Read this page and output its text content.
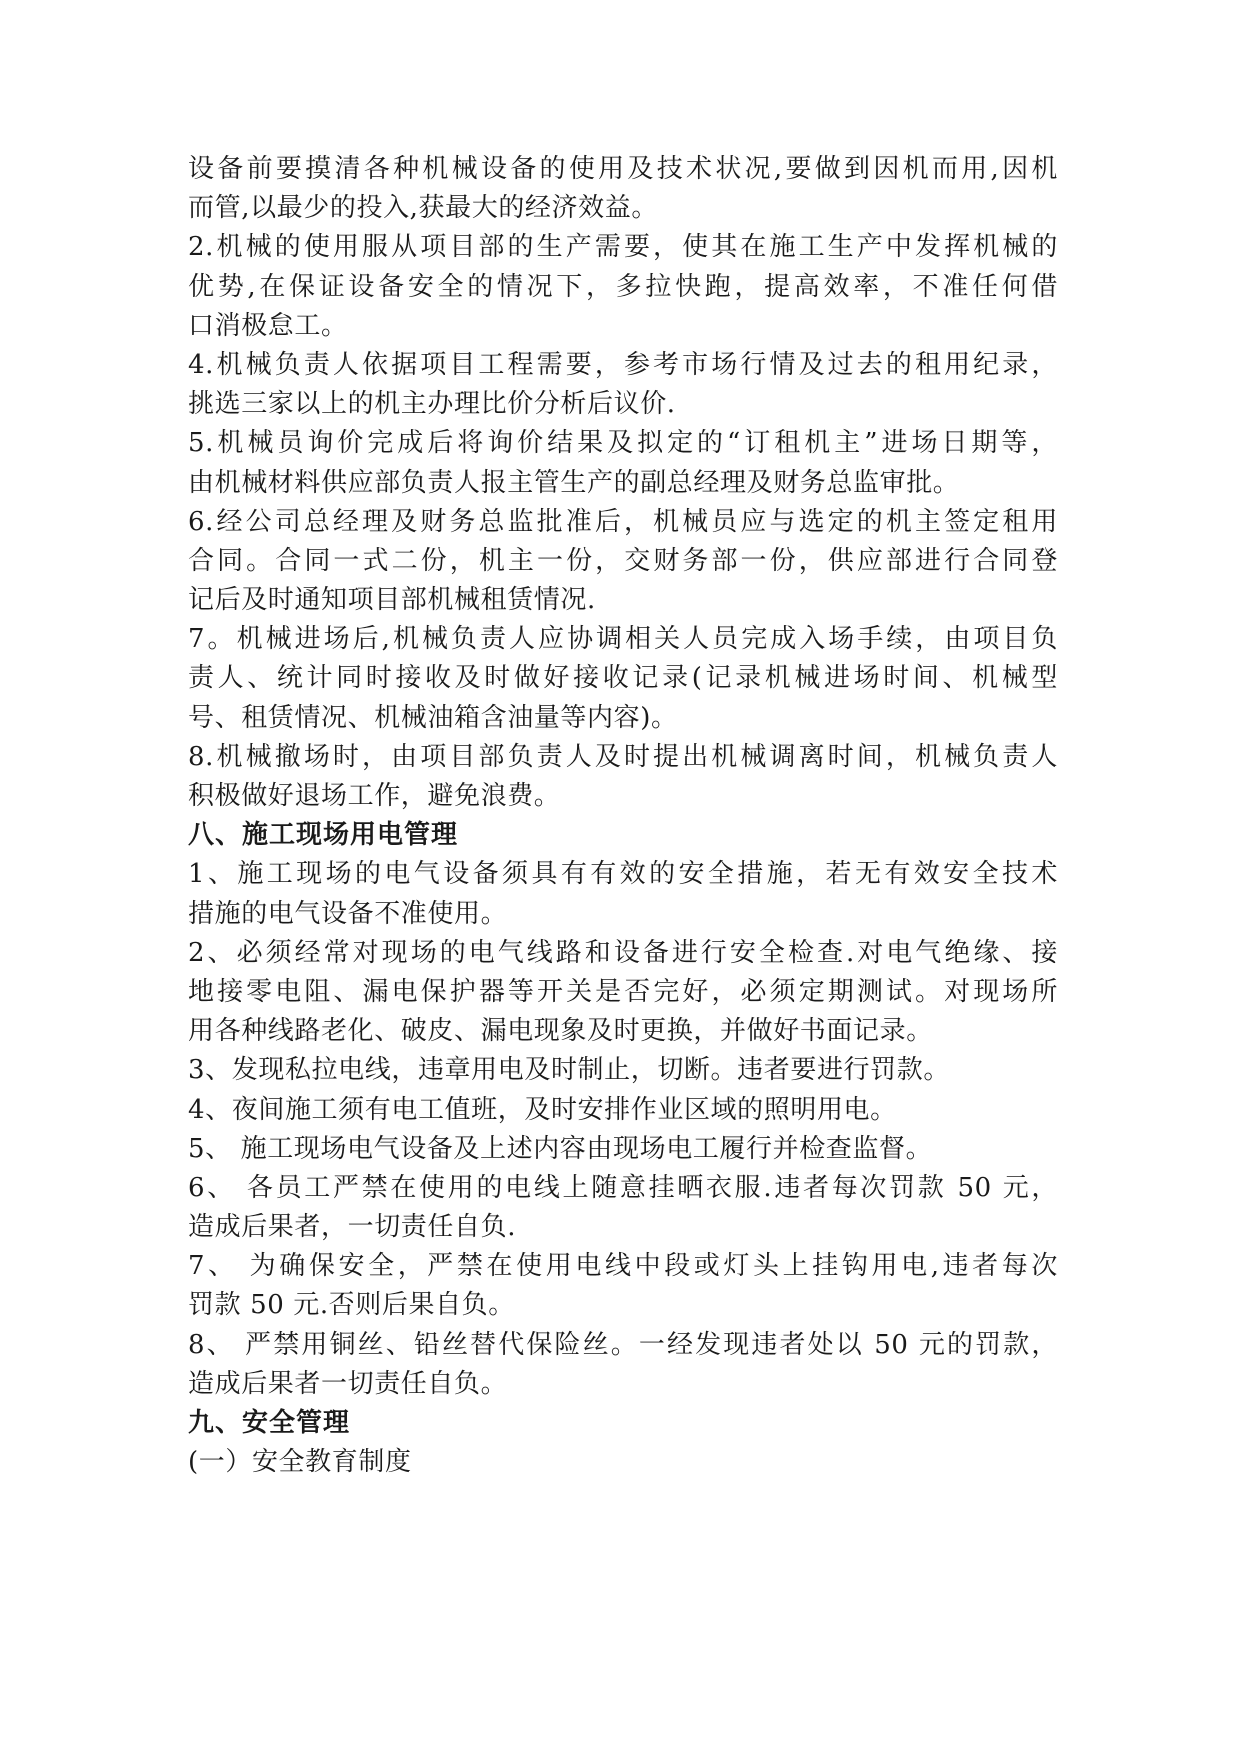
设备前要摸清各种机械设备的使用及技术状况,要做到因机而用,因机
而管,以最少的投入,获最大的经济效益。
2.机械的使用服从项目部的生产需要，使其在施工生产中发挥机械的
优势,在保证设备安全的情况下，多拉快跑，提高效率，不准任何借
口消极怠工。
4.机械负责人依据项目工程需要，参考市场行情及过去的租用纪录，
挑选三家以上的机主办理比价分析后议价.
5.机械员询价完成后将询价结果及拟定的“订租机主”进场日期等，
由机械材料供应部负责人报主管生产的副总经理及财务总监审批。
6.经公司总经理及财务总监批准后，机械员应与选定的机主签定租用
合同。合同一式二份，机主一份，交财务部一份，供应部进行合同登
记后及时通知项目部机械租赁情况.
7。机械进场后,机械负责人应协调相关人员完成入场手续，由项目负
责人、统计同时接收及时做好接收记录(记录机械进场时间、机械型
号、租赁情况、机械油箱含油量等内容)。
8.机械撤场时，由项目部负责人及时提出机械调离时间，机械负责人
积极做好退场工作，避免浪费。
八、施工现场用电管理
1、施工现场的电气设备须具有有效的安全措施，若无有效安全技术
措施的电气设备不准使用。
2、必须经常对现场的电气线路和设备进行安全检查.对电气绝缘、接
地接零电阻、漏电保护器等开关是否完好，必须定期测试。对现场所
用各种线路老化、破皮、漏电现象及时更换，并做好书面记录。
3、发现私拉电线，违章用电及时制止，切断。违者要进行罚款。
4、夜间施工须有电工值班，及时安排作业区域的照明用电。
5、 施工现场电气设备及上述内容由现场电工履行并检查监督。
6、 各员工严禁在使用的电线上随意挂晒衣服.违者每次罚款 50 元，
造成后果者，一切责任自负.
7、 为确保安全，严禁在使用电线中段或灯头上挂钩用电,违者每次
罚款 50 元.否则后果自负。
8、 严禁用铜丝、铅丝替代保险丝。一经发现违者处以 50 元的罚款，
造成后果者一切责任自负。
九、安全管理
(一）安全教育制度
